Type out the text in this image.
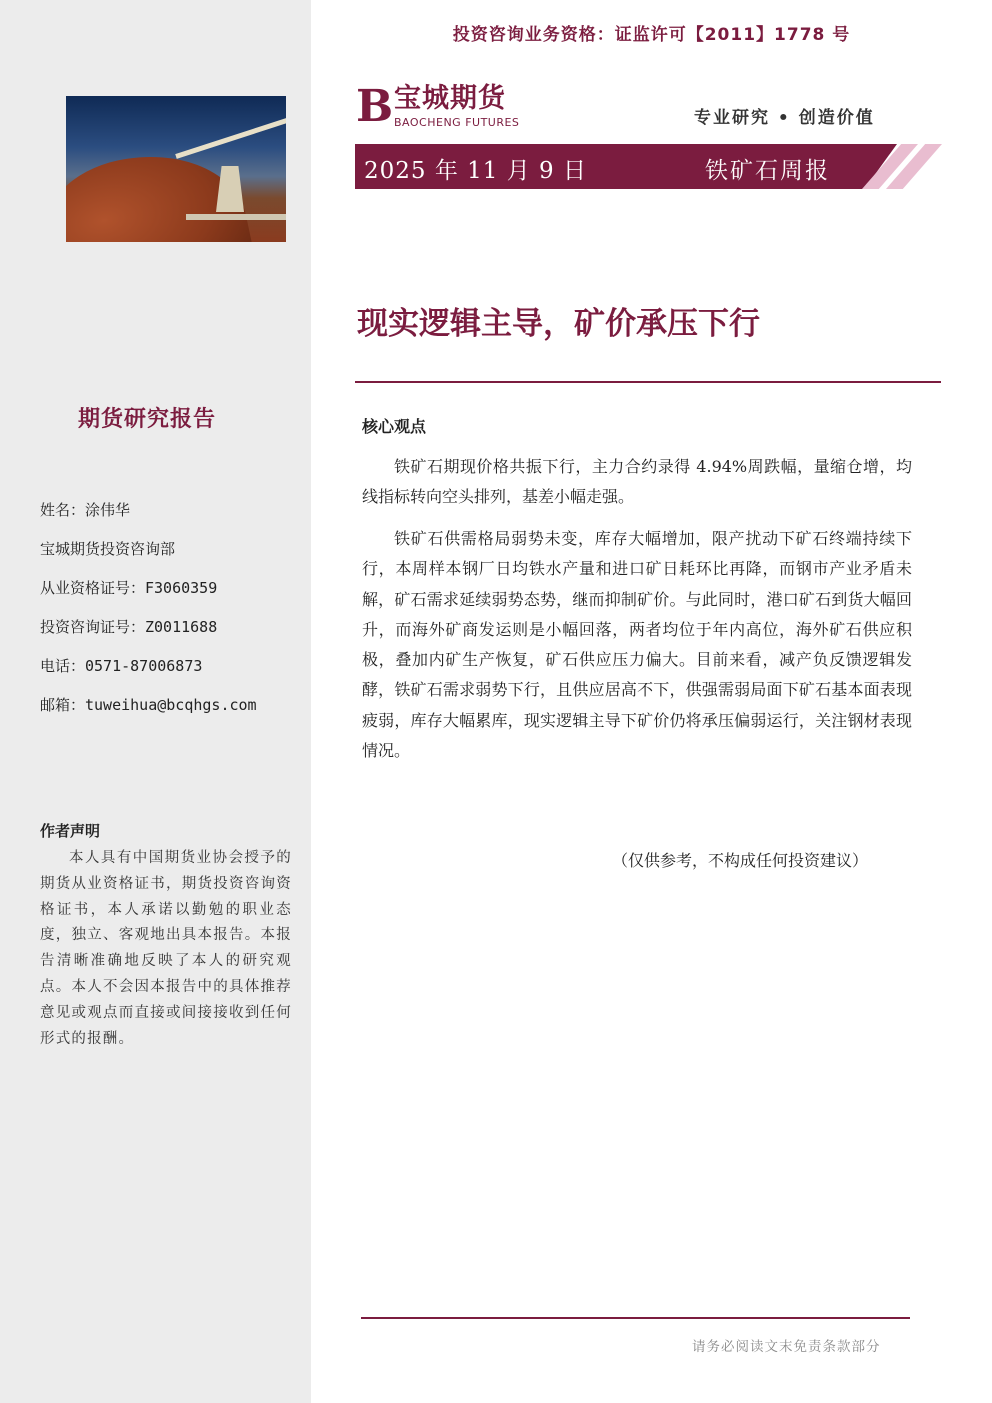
期货研究报告
姓名：涂伟华
宝城期货投资咨询部
从业资格证号：F3060359
投资咨询证号：Z0011688
电话：0571-87006873
邮箱：tuweihua@bcqhgs.com
作者声明
本人具有中国期货业协会授予的期货从业资格证书，期货投资咨询资格证书，本人承诺以勤勉的职业态度，独立、客观地出具本报告。本报告清晰准确地反映了本人的研究观点。本人不会因本报告中的具体推荐意见或观点而直接或间接接收到任何形式的报酬。
投资咨询业务资格：证监许可【2011】1778 号
B 宝城期货
BAOCHENG FUTURES	专业研究 • 创造价值
2025 年 11 月 9 日	铁矿石周报
现实逻辑主导，矿价承压下行
核心观点
铁矿石期现价格共振下行，主力合约录得 4.94%周跌幅，量缩仓增，均线指标转向空头排列，基差小幅走强。
铁矿石供需格局弱势未变，库存大幅增加，限产扰动下矿石终端持续下行，本周样本钢厂日均铁水产量和进口矿日耗环比再降，而钢市产业矛盾未解，矿石需求延续弱势态势，继而抑制矿价。与此同时，港口矿石到货大幅回升，而海外矿商发运则是小幅回落，两者均位于年内高位，海外矿石供应积极，叠加内矿生产恢复，矿石供应压力偏大。目前来看，减产负反馈逻辑发酵，铁矿石需求弱势下行，且供应居高不下，供强需弱局面下矿石基本面表现疲弱，库存大幅累库，现实逻辑主导下矿价仍将承压偏弱运行，关注钢材表现情况。
（仅供参考，不构成任何投资建议）
请务必阅读文末免责条款部分
